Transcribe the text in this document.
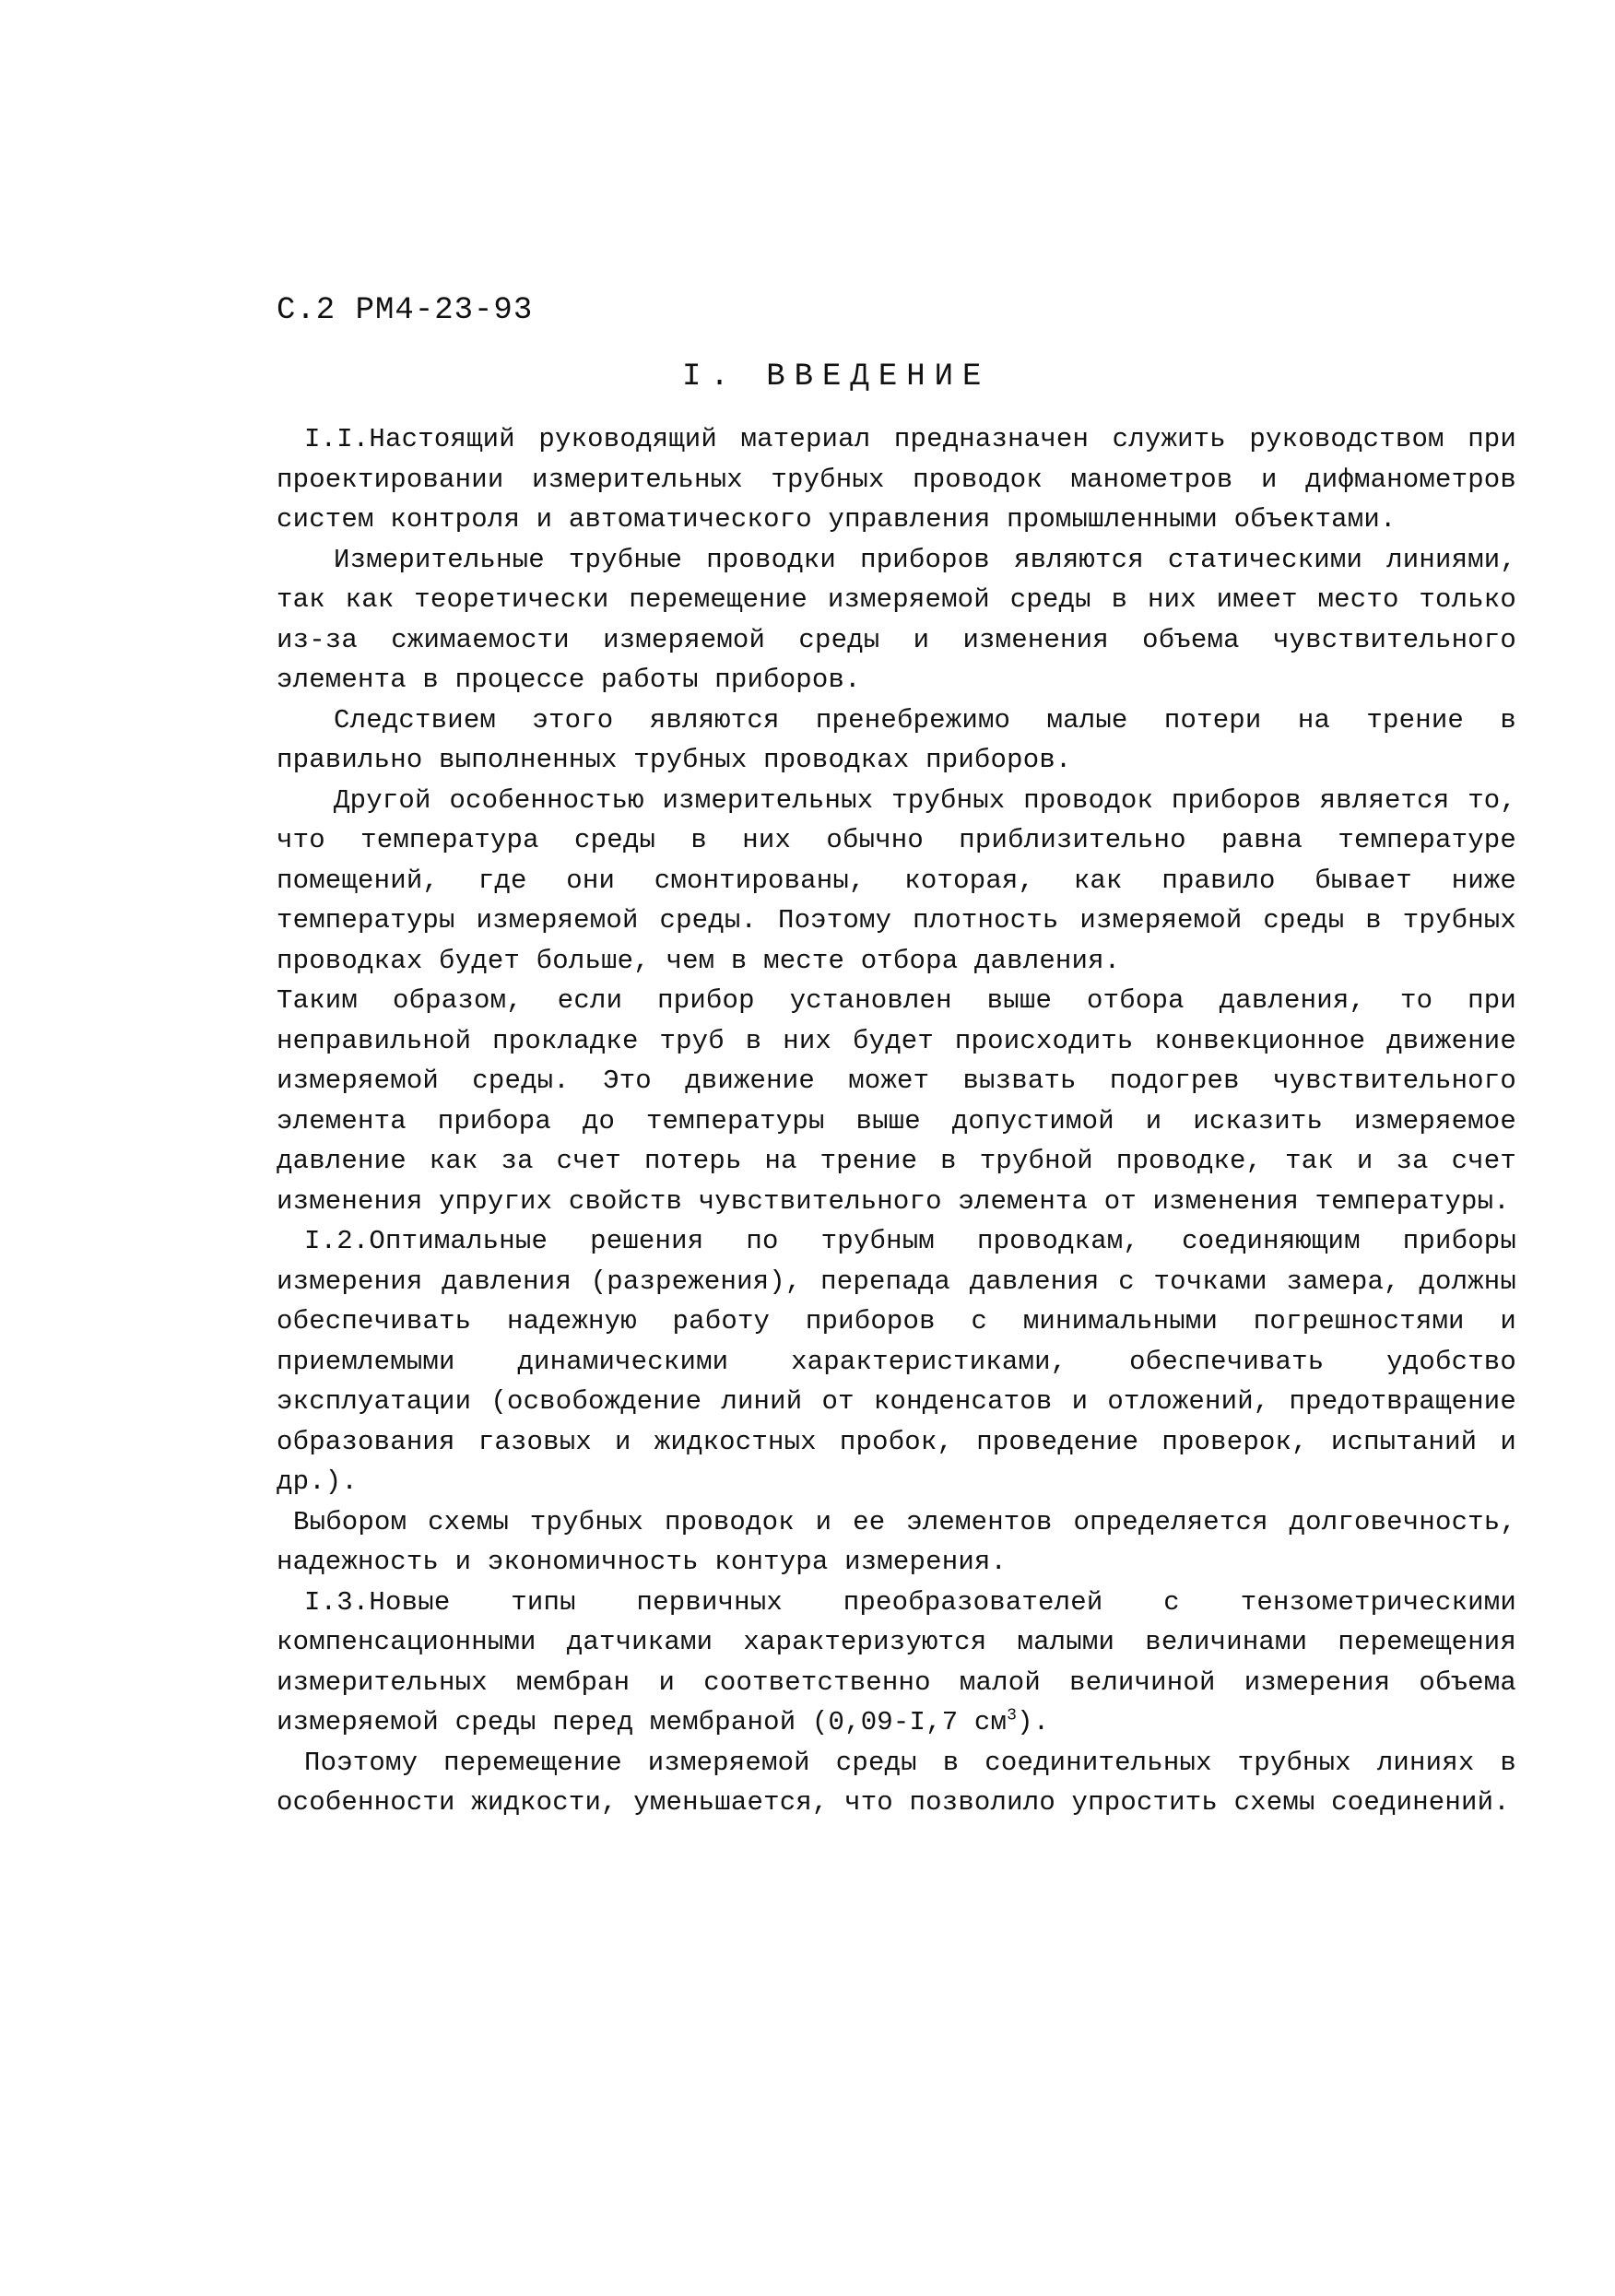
С.2 РМ4-23-93
I. ВВЕДЕНИЕ

I.I.Настоящий руководящий материал предназначен служить руководством при проектировании измерительных трубных проводок манометров и дифманометров систем контроля и автоматического управления промышленными объектами.

Измерительные трубные проводки приборов являются статическими линиями, так как теоретически перемещение измеряемой среды в них имеет место только из-за сжимаемости измеряемой среды и изменения объема чувствительного элемента в процессе работы приборов.

Следствием этого являются пренебрежимо малые потери на трение в правильно выполненных трубных проводках приборов.

Другой особенностью измерительных трубных проводок приборов является то, что температура среды в них обычно приблизительно равна температуре помещений, где они смонтированы, которая, как правило бывает ниже температуры измеряемой среды. Поэтому плотность измеряемой среды в трубных проводках будет больше, чем в месте отбора давления.

Таким образом, если прибор установлен выше отбора давления, то при неправильной прокладке труб в них будет происходить конвекционное движение измеряемой среды. Это движение может вызвать подогрев чувствительного элемента прибора до температуры выше допустимой и исказить измеряемое давление как за счет потерь на трение в трубной проводке, так и за счет изменения упругих свойств чувствительного элемента от изменения температуры.

I.2.Оптимальные решения по трубным проводкам, соединяющим приборы измерения давления (разрежения), перепада давления с точками замера, должны обеспечивать надежную работу приборов с минимальными погрешностями и приемлемыми динамическими характеристиками, обеспечивать удобство эксплуатации (освобождение линий от конденсатов и отложений, предотвращение образования газовых и жидкостных пробок, проведение проверок, испытаний и др.).

Выбором схемы трубных проводок и ее элементов определяется долговечность, надежность и экономичность контура измерения.

I.3.Новые типы первичных преобразователей с тензометрическими компенсационными датчиками характеризуются малыми величинами перемещения измерительных мембран и соответственно малой величиной измерения объема измеряемой среды перед мембраной (0,09-I,7 $см^3$).

Поэтому перемещение измеряемой среды в соединительных трубных линиях в особенности жидкости, уменьшается, что позволило упростить схемы соединений.
